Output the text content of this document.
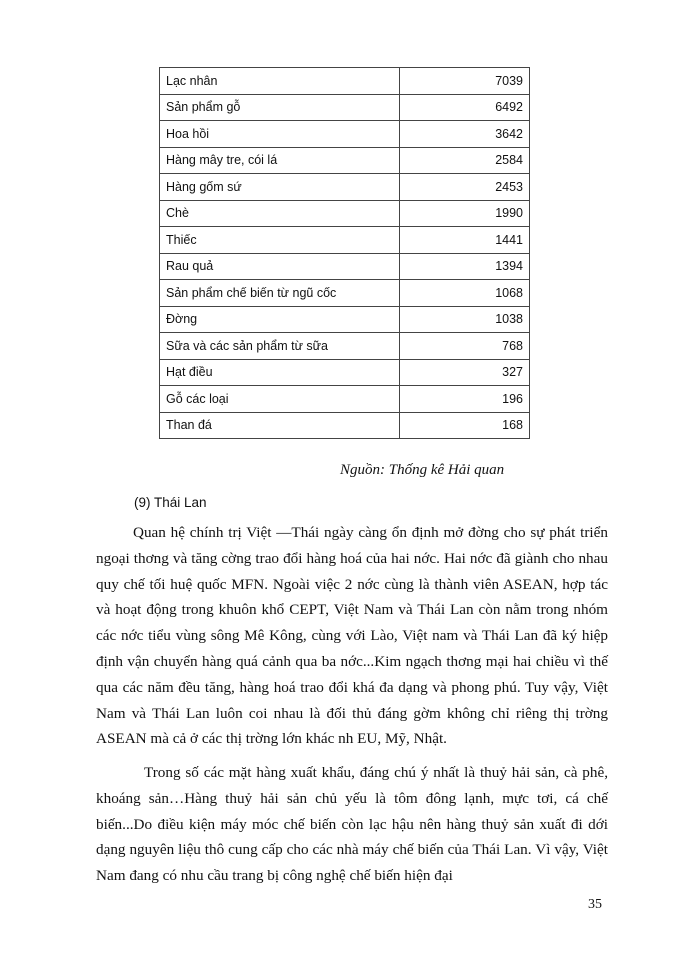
Lạc nhân	7039
Sản phẩm gỗ	6492
Hoa hồi	3642
Hàng mây tre, cói lá	2584
Hàng gốm sứ	2453
Chè	1990
Thiếc	1441
Rau quả	1394
Sản phẩm chế biến từ ngũ cốc	1068
Đờng	1038
Sữa và các sản phẩm từ sữa	768
Hạt điều	327
Gỗ các loại	196
Than đá	168
Nguồn: Thống kê Hải quan
(9) Thái Lan

Quan hệ chính trị Việt —Thái ngày càng ổn định mở đờng cho sự phát triển ngoại thơng và tăng cờng trao đổi hàng hoá của hai nớc. Hai nớc đã giành cho nhau quy chế tối huệ quốc MFN. Ngoài việc 2 nớc cùng là thành viên ASEAN, hợp tác và hoạt động trong khuôn khổ CEPT, Việt Nam và Thái Lan còn nằm trong nhóm các nớc tiểu vùng sông Mê Kông, cùng với Lào, Việt nam và Thái Lan đã ký hiệp định vận chuyển hàng quá cảnh qua ba nớc...Kim ngạch thơng mại hai chiều vì thế qua các năm đều tăng, hàng hoá trao đổi khá đa dạng và phong phú. Tuy vậy, Việt Nam và Thái Lan luôn coi nhau là đối thủ đáng gờm không chỉ riêng thị trờng ASEAN mà cả ở các thị trờng lớn khác nh EU, Mỹ, Nhật.

Trong số các mặt hàng xuất khẩu, đáng chú ý nhất là thuỷ hải sản, cà phê, khoáng sản…Hàng thuỷ hải sản chủ yếu là tôm đông lạnh, mực tơi, cá chế biến...Do điều kiện máy móc chế biến còn lạc hậu nên hàng thuỷ sản xuất đi dới dạng nguyên liệu thô cung cấp cho các nhà máy chế biến của Thái Lan. Vì vậy, Việt Nam đang có nhu cầu trang bị công nghệ chế biến hiện đại

35
